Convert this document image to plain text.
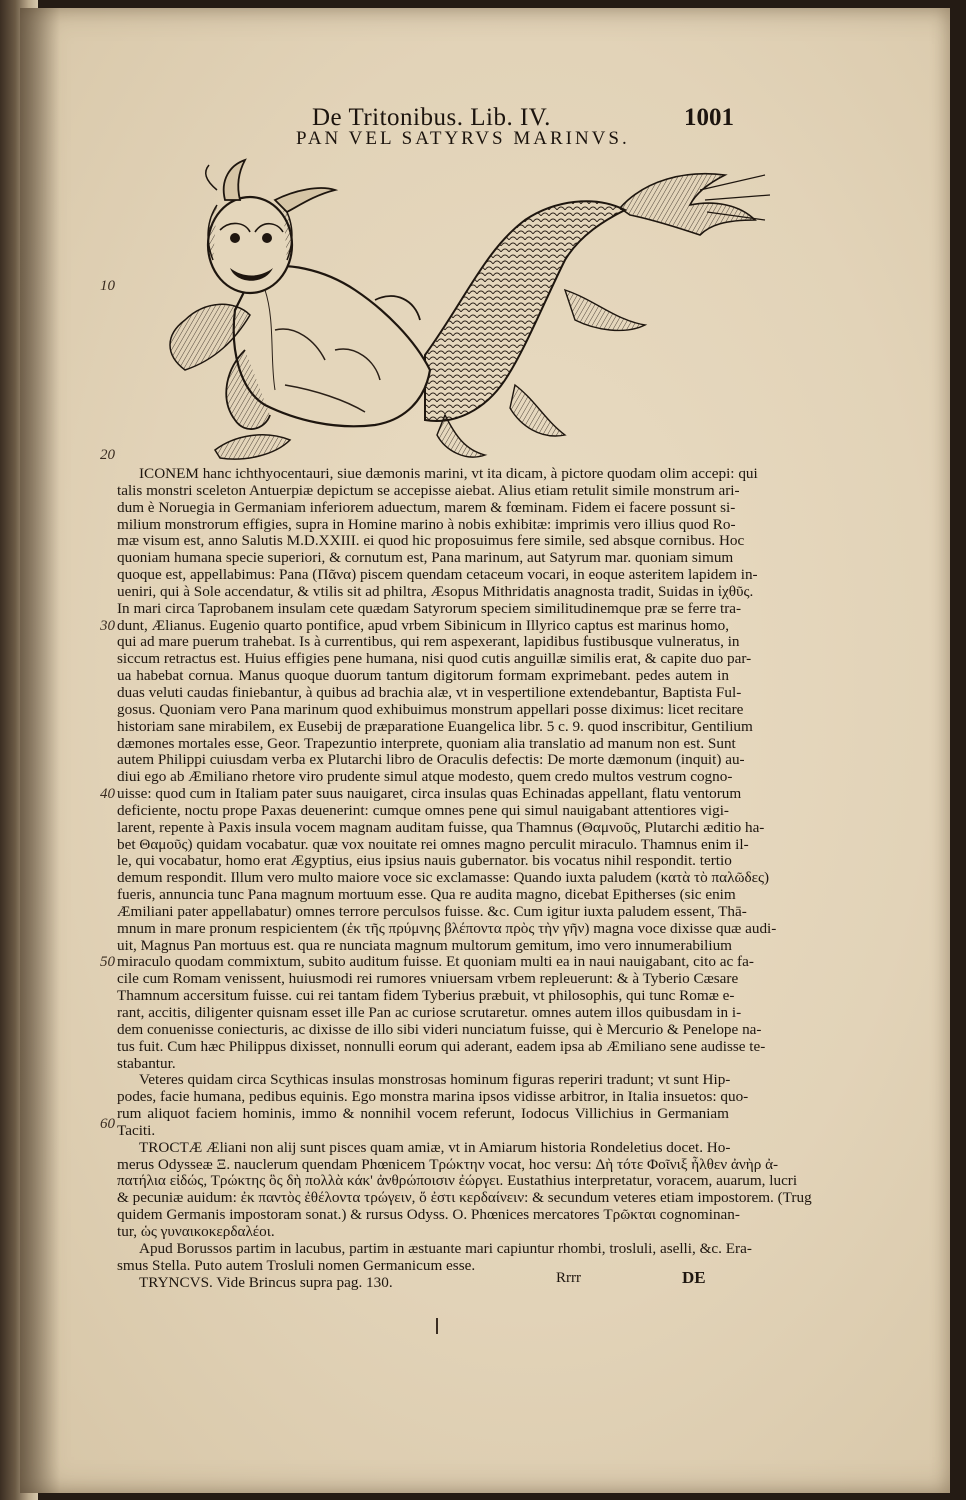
De Tritonibus. Lib. IV.	1001
PAN VEL SATYRVS MARINVS.
10
20
30
40
50
60
ICONEM hanc ichthyocentauri, siue dæmonis marini, vt ita dicam, à pictore quodam olim accepi: qui
talis monstri sceleton Antuerpiæ depictum se accepisse aiebat. Alius etiam retulit simile monstrum ari-
dum è Noruegia in Germaniam inferiorem aduectum, marem & fœminam. Fidem ei facere possunt si-
milium monstrorum effigies, supra in Homine marino à nobis exhibitæ: imprimis vero illius quod Ro-
mæ visum est, anno Salutis M.D.XXIII. ei quod hic proposuimus fere simile, sed absque cornibus. Hoc
quoniam humana specie superiori, & cornutum est, Pana marinum, aut Satyrum mar. quoniam simum
quoque est, appellabimus: Pana (Πᾶνα) piscem quendam cetaceum vocari, in eoque asteritem lapidem in-
ueniri, qui à Sole accendatur, & vtilis sit ad philtra, Æsopus Mithridatis anagnosta tradit, Suidas in ἰχθῦς.
In mari circa Taprobanem insulam cete quædam Satyrorum speciem similitudinemque præ se ferre tra-
dunt, Ælianus. Eugenio quarto pontifice, apud vrbem Sibinicum in Illyrico captus est marinus homo,
qui ad mare puerum trahebat. Is à currentibus, qui rem aspexerant, lapidibus fustibusque vulneratus, in
siccum retractus est. Huius effigies pene humana, nisi quod cutis anguillæ similis erat, & capite duo par-
ua habebat cornua. Manus quoque duorum tantum digitorum formam exprimebant. pedes autem in
duas veluti caudas finiebantur, à quibus ad brachia alæ, vt in vespertilione extendebantur, Baptista Ful-
gosus. Quoniam vero Pana marinum quod exhibuimus monstrum appellari posse diximus: licet recitare
historiam sane mirabilem, ex Eusebij de præparatione Euangelica libr. 5 c. 9. quod inscribitur, Gentilium
dæmones mortales esse, Geor. Trapezuntio interprete, quoniam alia translatio ad manum non est. Sunt
autem Philippi cuiusdam verba ex Plutarchi libro de Oraculis defectis: De morte dæmonum (inquit) au-
diui ego ab Æmiliano rhetore viro prudente simul atque modesto, quem credo multos vestrum cogno-
uisse: quod cum in Italiam pater suus nauigaret, circa insulas quas Echinadas appellant, flatu ventorum
deficiente, noctu prope Paxas deuenerint: cumque omnes pene qui simul nauigabant attentiores vigi-
larent, repente à Paxis insula vocem magnam auditam fuisse, qua Thamnus (Θαμνοῦς, Plutarchi æditio ha-
bet Θαμοῦς) quidam vocabatur. quæ vox nouitate rei omnes magno perculit miraculo. Thamnus enim il-
le, qui vocabatur, homo erat Ægyptius, eius ipsius nauis gubernator. bis vocatus nihil respondit. tertio
demum respondit. Illum vero multo maiore voce sic exclamasse: Quando iuxta paludem (κατὰ τὸ παλῶδες)
fueris, annuncia tunc Pana magnum mortuum esse. Qua re audita magno, dicebat Epitherses (sic enim
Æmiliani pater appellabatur) omnes terrore perculsos fuisse. &c. Cum igitur iuxta paludem essent, Thā-
mnum in mare pronum respicientem (ἐκ τῆς πρύμνης βλέποντα πρὸς τὴν γῆν) magna voce dixisse quæ audi-
uit, Magnus Pan mortuus est. qua re nunciata magnum multorum gemitum, imo vero innumerabilium
miraculo quodam commixtum, subito auditum fuisse. Et quoniam multi ea in naui nauigabant, cito ac fa-
cile cum Romam venissent, huiusmodi rei rumores vniuersam vrbem repleuerunt: & à Tyberio Cæsare
Thamnum accersitum fuisse. cui rei tantam fidem Tyberius præbuit, vt philosophis, qui tunc Romæ e-
rant, accitis, diligenter quisnam esset ille Pan ac curiose scrutaretur. omnes autem illos quibusdam in i-
dem conuenisse coniecturis, ac dixisse de illo sibi videri nunciatum fuisse, qui è Mercurio & Penelope na-
tus fuit. Cum hæc Philippus dixisset, nonnulli eorum qui aderant, eadem ipsa ab Æmiliano sene audisse te-
stabantur.
Veteres quidam circa Scythicas insulas monstrosas hominum figuras reperiri tradunt; vt sunt Hip-
podes, facie humana, pedibus equinis. Ego monstra marina ipsos vidisse arbitror, in Italia insuetos: quo-
rum aliquot faciem hominis, immo & nonnihil vocem referunt, Iodocus Villichius in Germaniam
Taciti.
TROCTÆ Æliani non alij sunt pisces quam amiæ, vt in Amiarum historia Rondeletius docet. Ho-
merus Odysseæ Ξ. nauclerum quendam Phœnicem Τρώκτην vocat, hoc versu: Δὴ τότε Φοῖνιξ ἦλθεν ἀνὴρ ἀ-
πατήλια εἰδώς, Τρώκτης ὃς δὴ πολλὰ κάκ' ἀνθρώποισιν ἐώργει. Eustathius interpretatur, voracem, auarum, lucri
& pecuniæ auidum: ἐκ παντὸς ἐθέλοντα τρώγειν, ὅ ἐστι κερδαίνειν: & secundum veteres etiam impostorem. (Trug
quidem Germanis impostoram sonat.) & rursus Odyss. O. Phœnices mercatores Τρῶκται cognominan-
tur, ὡς γυναικοκερδαλέοι.
Apud Borussos partim in lacubus, partim in æstuante mari capiuntur rhombi, trosluli, aselli, &c. Era-
smus Stella. Puto autem Trosluli nomen Germanicum esse.
TRYNCVS. Vide Brincus supra pag. 130.	Rrrr	DE
